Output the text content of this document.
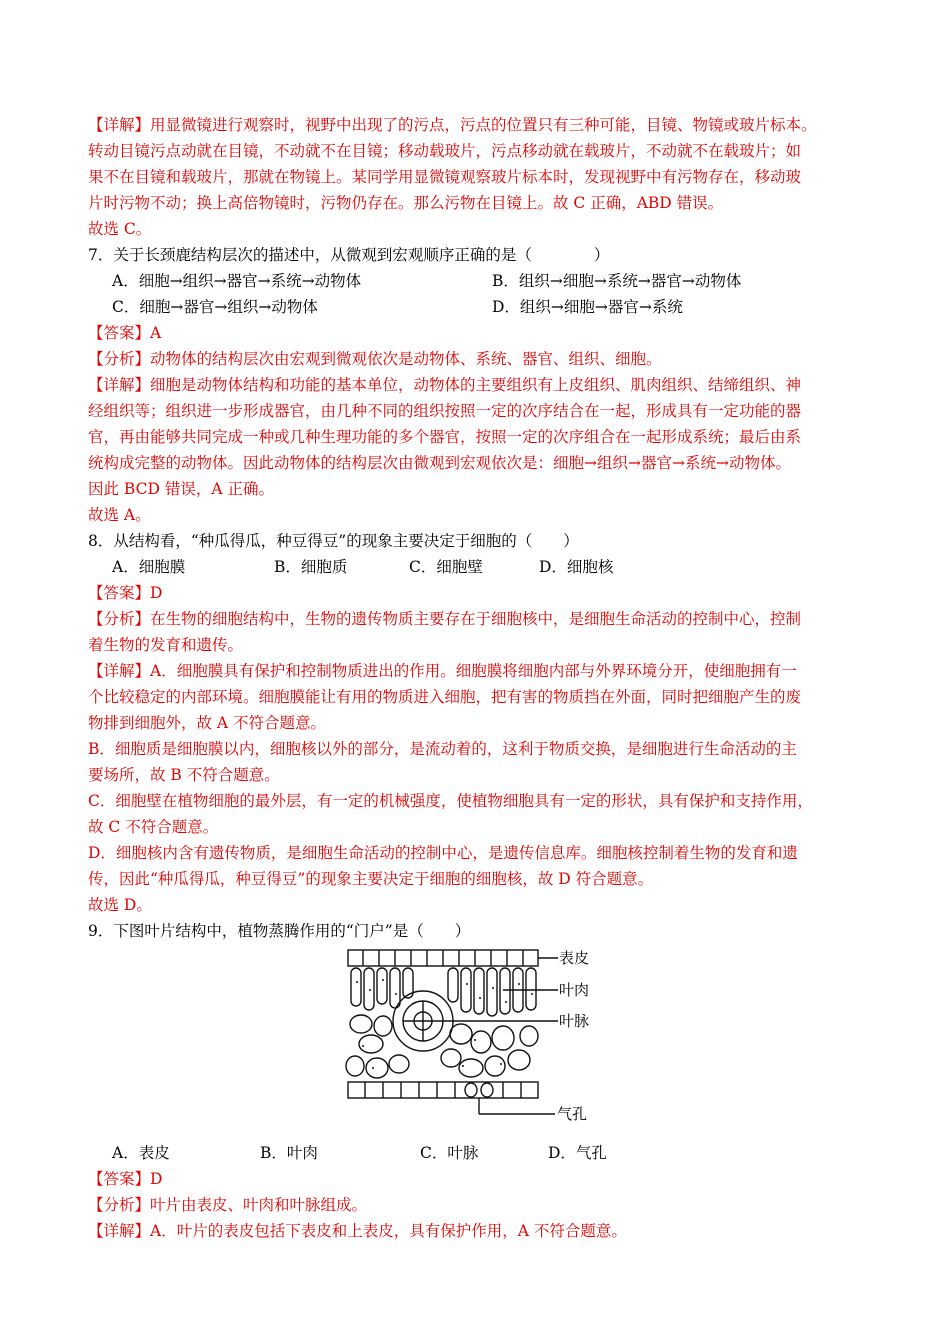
【详解】用显微镜进行观察时，视野中出现了的污点，污点的位置只有三种可能，目镜、物镜或玻片标本。
转动目镜污点动就在目镜，不动就不在目镜；移动载玻片，污点移动就在载玻片，不动就不在载玻片；如
果不在目镜和载玻片，那就在物镜上。某同学用显微镜观察玻片标本时，发现视野中有污物存在，移动玻
片时污物不动；换上高倍物镜时，污物仍存在。那么污物在目镜上。故 C 正确，ABD 错误。
故选 C。
7．关于长颈鹿结构层次的描述中，从微观到宏观顺序正确的是（　　　　）
A．细胞→组织→器官→系统→动物体	B．组织→细胞→系统→器官→动物体
C．细胞→器官→组织→动物体	D．组织→细胞→器官→系统
【答案】A
【分析】动物体的结构层次由宏观到微观依次是动物体、系统、器官、组织、细胞。
【详解】细胞是动物体结构和功能的基本单位，动物体的主要组织有上皮组织、肌肉组织、结缔组织、神
经组织等；组织进一步形成器官，由几种不同的组织按照一定的次序结合在一起，形成具有一定功能的器
官，再由能够共同完成一种或几种生理功能的多个器官，按照一定的次序组合在一起形成系统；最后由系
统构成完整的动物体。因此动物体的结构层次由微观到宏观依次是：细胞→组织→器官→系统→动物体。
因此 BCD 错误，A 正确。
故选 A。
8．从结构看，“种瓜得瓜，种豆得豆”的现象主要决定于细胞的（　　）
A．细胞膜	B．细胞质	C．细胞壁	D．细胞核
【答案】D
【分析】在生物的细胞结构中，生物的遗传物质主要存在于细胞核中，是细胞生命活动的控制中心，控制
着生物的发育和遗传。
【详解】A．细胞膜具有保护和控制物质进出的作用。细胞膜将细胞内部与外界环境分开，使细胞拥有一
个比较稳定的内部环境。细胞膜能让有用的物质进入细胞，把有害的物质挡在外面，同时把细胞产生的废
物排到细胞外，故 A 不符合题意。
B．细胞质是细胞膜以内，细胞核以外的部分，是流动着的，这利于物质交换，是细胞进行生命活动的主
要场所，故 B 不符合题意。
C．细胞壁在植物细胞的最外层，有一定的机械强度，使植物细胞具有一定的形状，具有保护和支持作用，
故 C 不符合题意。
D．细胞核内含有遗传物质，是细胞生命活动的控制中心，是遗传信息库。细胞核控制着生物的发育和遗
传，因此“种瓜得瓜，种豆得豆”的现象主要决定于细胞的细胞核，故 D 符合题意。
故选 D。
9．下图叶片结构中，植物蒸腾作用的“门户”是（　　）
表皮
叶肉
叶脉
气孔
A．表皮	B．叶肉	C．叶脉	D．气孔
【答案】D
【分析】叶片由表皮、叶肉和叶脉组成。
【详解】A．叶片的表皮包括下表皮和上表皮，具有保护作用，A 不符合题意。
